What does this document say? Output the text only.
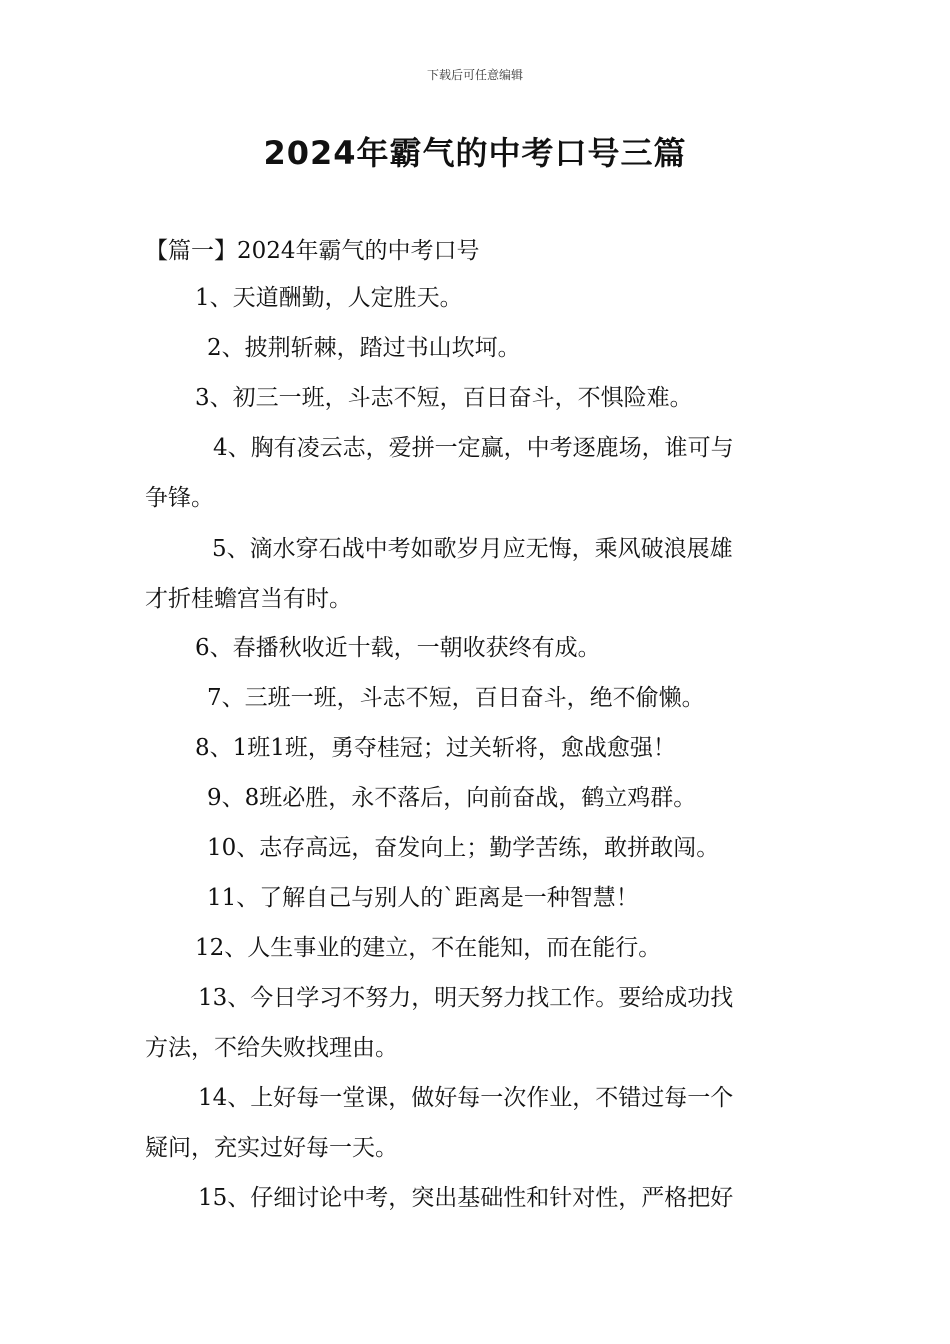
下载后可任意编辑
2024年霸气的中考口号三篇
【篇一】2024年霸气的中考口号
1、天道酬勤，人定胜天。
2、披荆斩棘，踏过书山坎坷。
3、初三一班，斗志不短，百日奋斗，不惧险难。
4、胸有凌云志，爱拼一定赢，中考逐鹿场，谁可与
争锋。
5、滴水穿石战中考如歌岁月应无悔，乘风破浪展雄
才折桂蟾宫当有时。
6、春播秋收近十载，一朝收获终有成。
7、三班一班，斗志不短，百日奋斗，绝不偷懒。
8、1班1班，勇夺桂冠；过关斩将，愈战愈强！
9、8班必胜，永不落后，向前奋战，鹤立鸡群。
10、志存高远，奋发向上；勤学苦练，敢拼敢闯。
11、了解自己与别人的`距离是一种智慧！
12、人生事业的建立，不在能知，而在能行。
13、今日学习不努力，明天努力找工作。要给成功找
方法，不给失败找理由。
14、上好每一堂课，做好每一次作业，不错过每一个
疑问，充实过好每一天。
15、仔细讨论中考，突出基础性和针对性，严格把好
